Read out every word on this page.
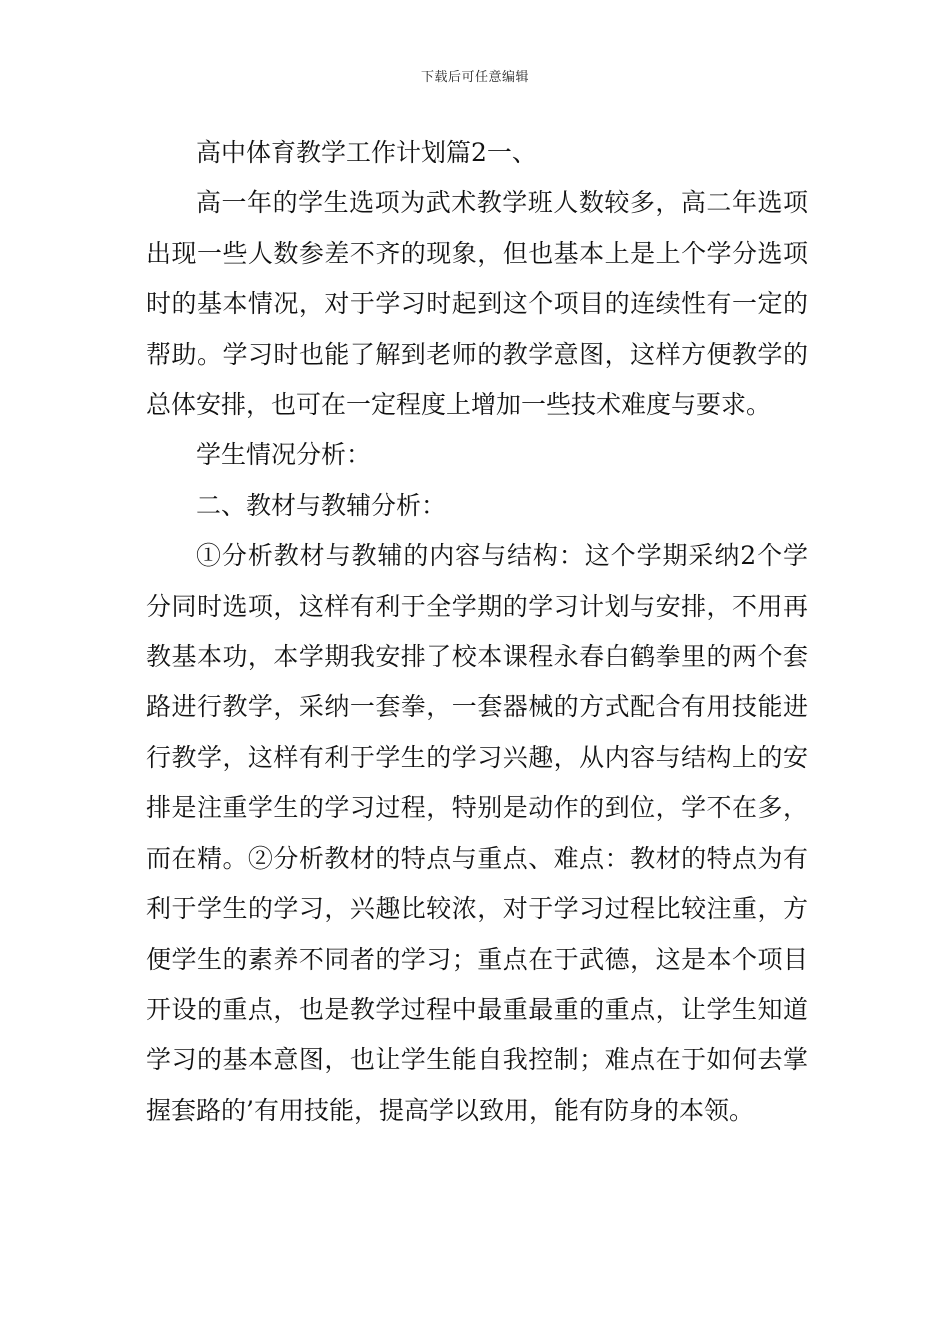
下载后可任意编辑

高中体育教学工作计划篇2一、

高一年的学生选项为武术教学班人数较多，高二年选项出现一些人数参差不齐的现象，但也基本上是上个学分选项时的基本情况，对于学习时起到这个项目的连续性有一定的帮助。学习时也能了解到老师的教学意图，这样方便教学的总体安排，也可在一定程度上增加一些技术难度与要求。

学生情况分析：

二、教材与教辅分析：

①分析教材与教辅的内容与结构：这个学期采纳2个学分同时选项，这样有利于全学期的学习计划与安排，不用再教基本功，本学期我安排了校本课程永春白鹤拳里的两个套路进行教学，采纳一套拳，一套器械的方式配合有用技能进行教学，这样有利于学生的学习兴趣，从内容与结构上的安排是注重学生的学习过程，特别是动作的到位，学不在多，而在精。②分析教材的特点与重点、难点：教材的特点为有利于学生的学习，兴趣比较浓，对于学习过程比较注重，方便学生的素养不同者的学习；重点在于武德，这是本个项目开设的重点，也是教学过程中最重最重的重点，让学生知道学习的基本意图，也让学生能自我控制；难点在于如何去掌握套路的’有用技能，提高学以致用，能有防身的本领。
